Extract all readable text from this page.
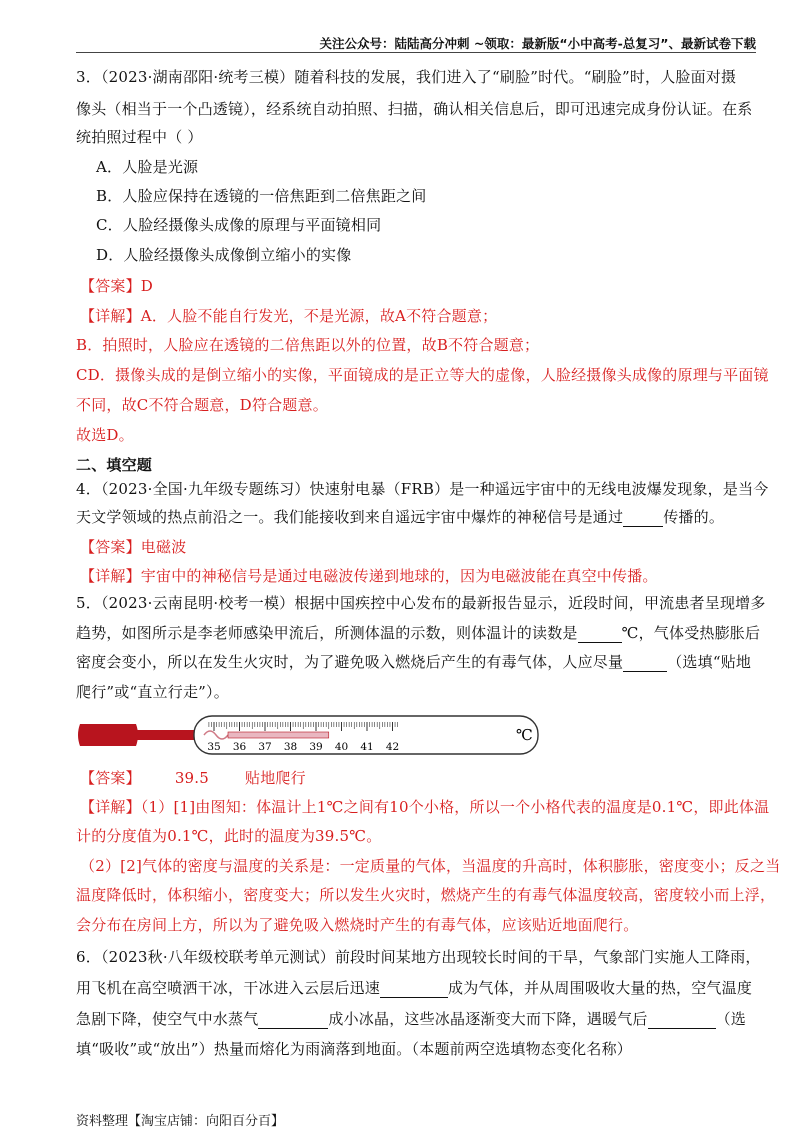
关注公众号：陆陆高分冲刺 ~领取：最新版“小中高考-总复习”、最新试卷下载
3．（2023·湖南邵阳·统考三模）随着科技的发展，我们进入了“刷脸”时代。“刷脸”时，人脸面对摄
像头（相当于一个凸透镜），经系统自动拍照、扫描，确认相关信息后，即可迅速完成身份认证。在系
统拍照过程中（ ）
A．人脸是光源
B．人脸应保持在透镜的一倍焦距到二倍焦距之间
C．人脸经摄像头成像的原理与平面镜相同
D．人脸经摄像头成像倒立缩小的实像
【答案】D
【详解】A．人脸不能自行发光，不是光源，故A不符合题意；
B．拍照时，人脸应在透镜的二倍焦距以外的位置，故B不符合题意；
CD．摄像头成的是倒立缩小的实像，平面镜成的是正立等大的虚像，人脸经摄像头成像的原理与平面镜
不同，故C不符合题意，D符合题意。
故选D。
二、填空题
4．（2023·全国·九年级专题练习）快速射电暴（FRB）是一种遥远宇宙中的无线电波爆发现象，是当今
天文学领域的热点前沿之一。我们能接收到来自遥远宇宙中爆炸的神秘信号是通过	传播的。
【答案】电磁波
【详解】宇宙中的神秘信号是通过电磁波传递到地球的，因为电磁波能在真空中传播。
5．（2023·云南昆明·校考一模）根据中国疾控中心发布的最新报告显示，近段时间，甲流患者呈现增多
趋势，如图所示是李老师感染甲流后，所测体温的示数，则体温计的读数是	℃，气体受热膨胀后
密度会变小，所以在发生火灾时，为了避免吸入燃烧后产生的有毒气体，人应尽量	（选填“贴地
爬行”或“直立行走”）。
35 36 37 38 39 40 41 42
℃
【答案】 39.5 贴地爬行
【详解】（1）[1]由图知：体温计上1℃之间有10个小格，所以一个小格代表的温度是0.1℃，即此体温
计的分度值为0.1℃，此时的温度为39.5℃。
（2）[2]气体的密度与温度的关系是：一定质量的气体，当温度的升高时，体积膨胀，密度变小；反之当
温度降低时，体积缩小，密度变大；所以发生火灾时，燃烧产生的有毒气体温度较高，密度较小而上浮，
会分布在房间上方，所以为了避免吸入燃烧时产生的有毒气体，应该贴近地面爬行。
6．（2023秋·八年级校联考单元测试）前段时间某地方出现较长时间的干旱，气象部门实施人工降雨，
用飞机在高空喷洒干冰，干冰进入云层后迅速	成为气体，并从周围吸收大量的热，空气温度
急剧下降，使空气中水蒸气	成小冰晶，这些冰晶逐渐变大而下降，遇暖气后	（选
填“吸收”或“放出”）热量而熔化为雨滴落到地面。（本题前两空选填物态变化名称）
资料整理【淘宝店铺：向阳百分百】
